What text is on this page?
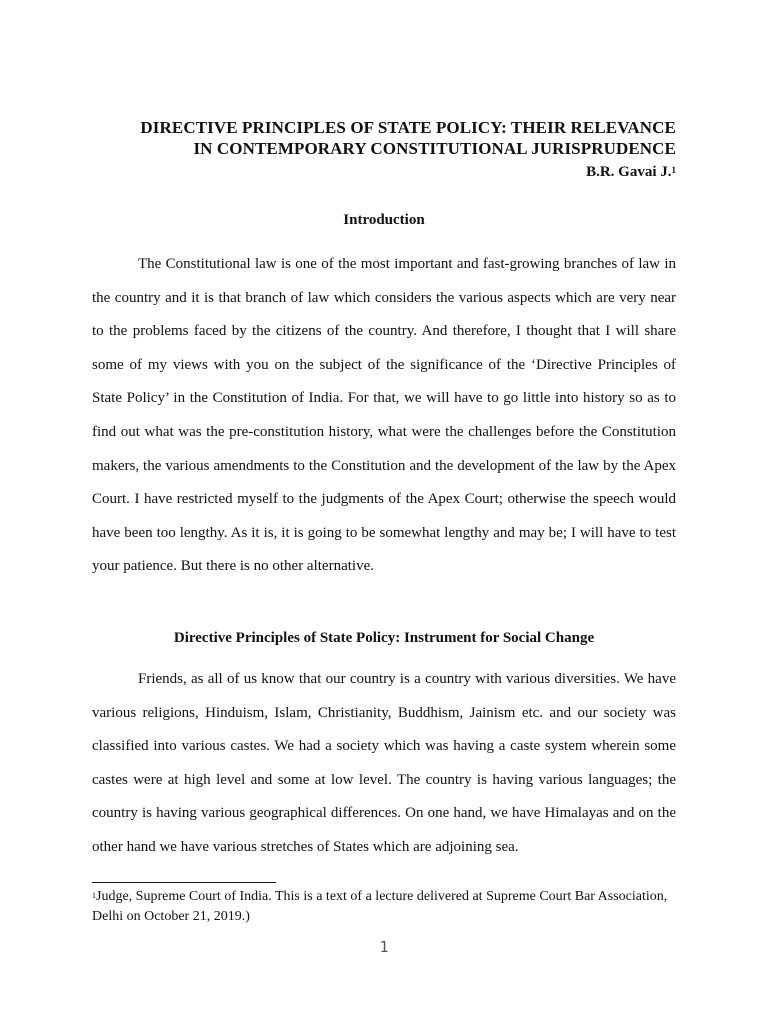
DIRECTIVE PRINCIPLES OF STATE POLICY: THEIR RELEVANCE
IN CONTEMPORARY CONSTITUTIONAL JURISPRUDENCE
B.R. Gavai J.$^1$
Introduction

The Constitutional law is one of the most important and fast-growing branches of law in the country and it is that branch of law which considers the various aspects which are very near to the problems faced by the citizens of the country. And therefore, I thought that I will share some of my views with you on the subject of the significance of the ‘Directive Principles of State Policy’ in the Constitution of India. For that, we will have to go little into history so as to find out what was the pre-constitution history, what were the challenges before the Constitution makers, the various amendments to the Constitution and the development of the law by the Apex Court. I have restricted myself to the judgments of the Apex Court; otherwise the speech would have been too lengthy. As it is, it is going to be somewhat lengthy and may be; I will have to test your patience. But there is no other alternative.

Directive Principles of State Policy: Instrument for Social Change

Friends, as all of us know that our country is a country with various diversities. We have various religions, Hinduism, Islam, Christianity, Buddhism, Jainism etc. and our society was classified into various castes. We had a society which was having a caste system wherein some castes were at high level and some at low level. The country is having various languages; the country is having various geographical differences. On one hand, we have Himalayas and on the other hand we have various stretches of States which are adjoining sea.

$^1$Judge, Supreme Court of India. This is a text of a lecture delivered at Supreme Court Bar Association, Delhi on October 21, 2019.)

1
